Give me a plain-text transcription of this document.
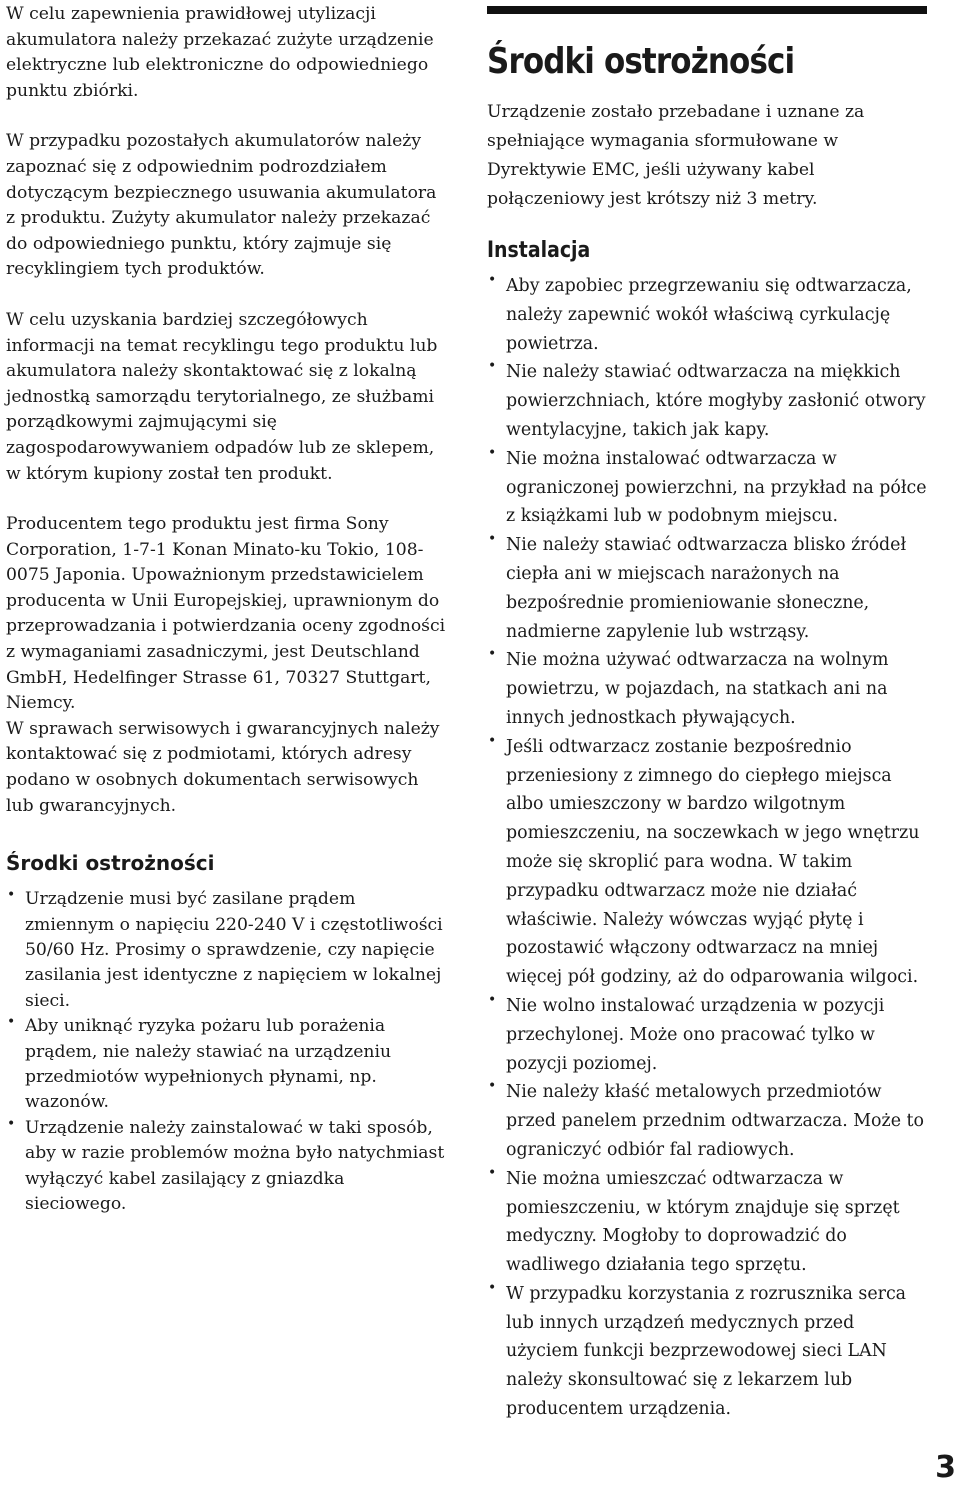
W celu zapewnienia prawidłowej utylizacji akumulatora należy przekazać zużyte urządzenie elektryczne lub elektroniczne do odpowiedniego punktu zbiórki.

W przypadku pozostałych akumulatorów należy zapoznać się z odpowiednim podrozdziałem dotyczącym bezpiecznego usuwania akumulatora z produktu. Zużyty akumulator należy przekazać do odpowiedniego punktu, który zajmuje się recyklingiem tych produktów.

W celu uzyskania bardziej szczegółowych informacji na temat recyklingu tego produktu lub akumulatora należy skontaktować się z lokalną jednostką samorządu terytorialnego, ze służbami porządkowymi zajmującymi się zagospodarowywaniem odpadów lub ze sklepem, w którym kupiony został ten produkt.

Producentem tego produktu jest firma Sony Corporation, 1-7-1 Konan Minato-ku Tokio, 108-0075 Japonia. Upoważnionym przedstawicielem producenta w Unii Europejskiej, uprawnionym do przeprowadzania i potwierdzania oceny zgodności z wymaganiami zasadniczymi, jest Deutschland GmbH, Hedelfinger Strasse 61, 70327 Stuttgart, Niemcy.

W sprawach serwisowych i gwarancyjnych należy kontaktować się z podmiotami, których adresy podano w osobnych dokumentach serwisowych lub gwarancyjnych.

Środki ostrożności
• Urządzenie musi być zasilane prądem zmiennym o napięciu 220-240 V i częstotliwości 50/60 Hz. Prosimy o sprawdzenie, czy napięcie zasilania jest identyczne z napięciem w lokalnej sieci.

• Aby uniknąć ryzyka pożaru lub porażenia prądem, nie należy stawiać na urządzeniu przedmiotów wypełnionych płynami, np. wazonów.

• Urządzenie należy zainstalować w taki sposób, aby w razie problemów można było natychmiast wyłączyć kabel zasilający z gniazdka sieciowego.

Środki ostrożności

Urządzenie zostało przebadane i uznane za spełniające wymagania sformułowane w Dyrektywie EMC, jeśli używany kabel połączeniowy jest krótszy niż 3 metry.

Instalacja
• Aby zapobiec przegrzewaniu się odtwarzacza, należy zapewnić wokół właściwą cyrkulację powietrza.

• Nie należy stawiać odtwarzacza na miękkich powierzchniach, które mogłyby zasłonić otwory wentylacyjne, takich jak kapy.

• Nie można instalować odtwarzacza w ograniczonej powierzchni, na przykład na półce z książkami lub w podobnym miejscu.

• Nie należy stawiać odtwarzacza blisko źródeł ciepła ani w miejscach narażonych na bezpośrednie promieniowanie słoneczne, nadmierne zapylenie lub wstrząsy.

• Nie można używać odtwarzacza na wolnym powietrzu, w pojazdach, na statkach ani na innych jednostkach pływających.

• Jeśli odtwarzacz zostanie bezpośrednio przeniesiony z zimnego do ciepłego miejsca albo umieszczony w bardzo wilgotnym pomieszczeniu, na soczewkach w jego wnętrzu może się skroplić para wodna. W takim przypadku odtwarzacz może nie działać właściwie. Należy wówczas wyjąć płytę i pozostawić włączony odtwarzacz na mniej więcej pół godziny, aż do odparowania wilgoci.

• Nie wolno instalować urządzenia w pozycji przechylonej. Może ono pracować tylko w pozycji poziomej.

• Nie należy kłaść metalowych przedmiotów przed panelem przednim odtwarzacza. Może to ograniczyć odbiór fal radiowych.

• Nie można umieszczać odtwarzacza w pomieszczeniu, w którym znajduje się sprzęt medyczny. Mogłoby to doprowadzić do wadliwego działania tego sprzętu.

• W przypadku korzystania z rozrusznika serca lub innych urządzeń medycznych przed użyciem funkcji bezprzewodowej sieci LAN należy skonsultować się z lekarzem lub producentem urządzenia.

3
